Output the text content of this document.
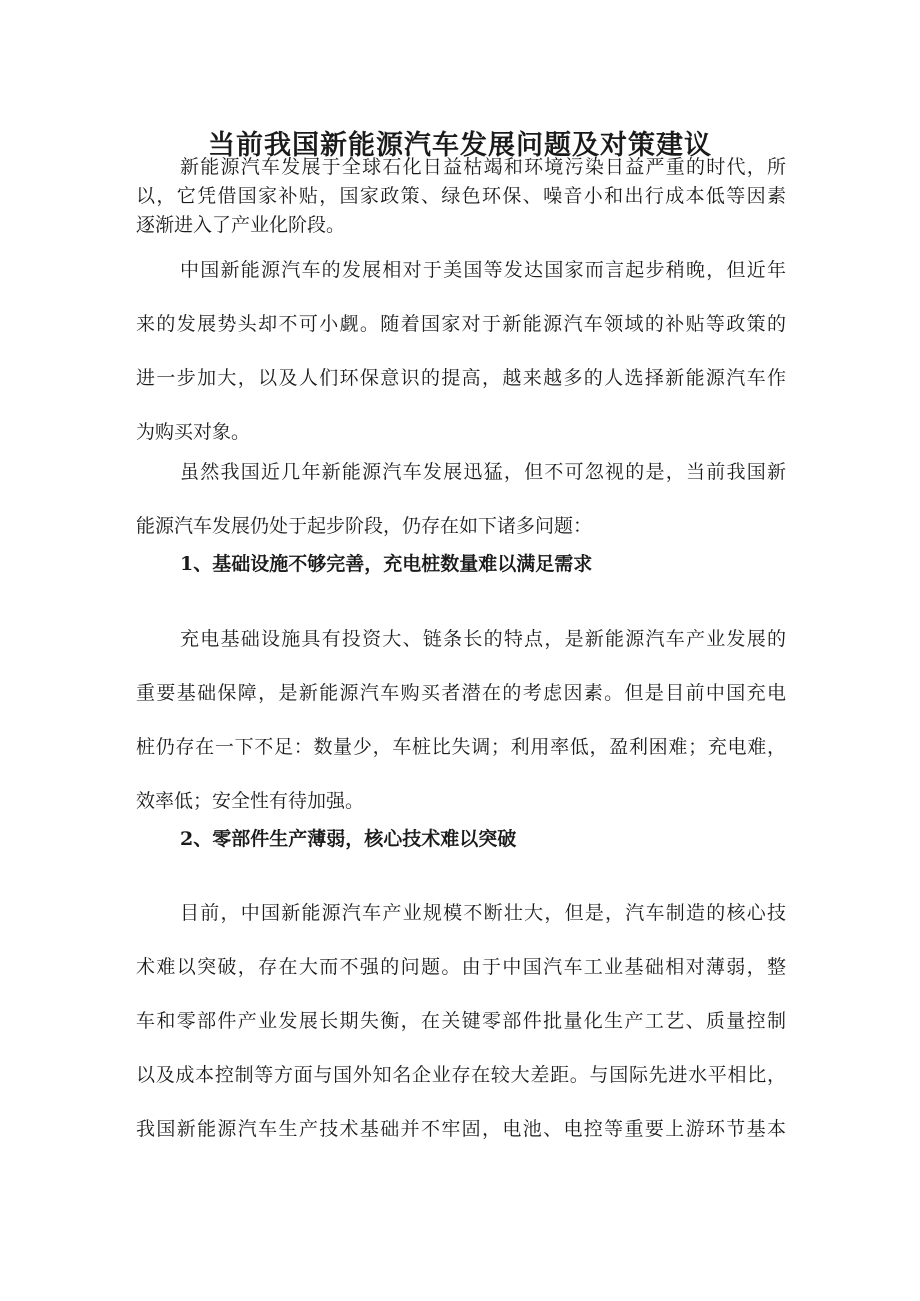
当前我国新能源汽车发展问题及对策建议

新能源汽车发展于全球石化日益枯竭和环境污染日益严重的时代，所
以，它凭借国家补贴，国家政策、绿色环保、噪音小和出行成本低等因素
逐渐进入了产业化阶段。

中国新能源汽车的发展相对于美国等发达国家而言起步稍晚，但近年
来的发展势头却不可小觑。随着国家对于新能源汽车领域的补贴等政策的
进一步加大，以及人们环保意识的提高，越来越多的人选择新能源汽车作
为购买对象。

虽然我国近几年新能源汽车发展迅猛，但不可忽视的是，当前我国新
能源汽车发展仍处于起步阶段，仍存在如下诸多问题：

1、基础设施不够完善，充电桩数量难以满足需求

充电基础设施具有投资大、链条长的特点，是新能源汽车产业发展的
重要基础保障，是新能源汽车购买者潜在的考虑因素。但是目前中国充电
桩仍存在一下不足：数量少，车桩比失调；利用率低，盈利困难；充电难，
效率低；安全性有待加强。

2、零部件生产薄弱，核心技术难以突破

目前，中国新能源汽车产业规模不断壮大，但是，汽车制造的核心技
术难以突破，存在大而不强的问题。由于中国汽车工业基础相对薄弱，整
车和零部件产业发展长期失衡，在关键零部件批量化生产工艺、质量控制
以及成本控制等方面与国外知名企业存在较大差距。与国际先进水平相比，
我国新能源汽车生产技术基础并不牢固，电池、电控等重要上游环节基本
